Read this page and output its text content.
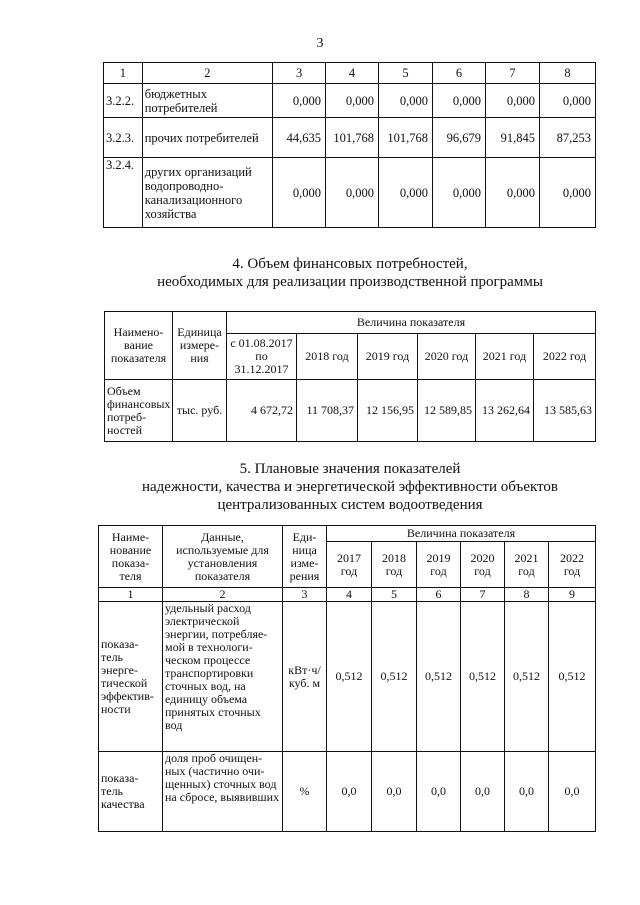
3
1	2	3	4	5	6	7	8
3.2.2.	бюджетных потребителей	0,000	0,000	0,000	0,000	0,000	0,000
3.2.3.	прочих потребителей	44,635	101,768	101,768	96,679	91,845	87,253
3.2.4.	других организаций водопроводно-канализационного хозяйства	0,000	0,000	0,000	0,000	0,000	0,000
4. Объем финансовых потребностей,
необходимых для реализации производственной программы
Наимено-вание показателя	Единица измере-ния	Величина показателя					
		с 01.08.2017 по 31.12.2017	2018 год	2019 год	2020 год	2021 год	2022 год
Объем финансовых потреб-ностей	тыс. руб.	4 672,72	11 708,37	12 156,95	12 589,85	13 262,64	13 585,63
5. Плановые значения показателей
надежности, качества и энергетической эффективности объектов
централизованных систем водоотведения
Наиме-нование показа-теля	Данные, используемые для установления показателя	Еди-ница изме-рения	Величина показателя					
			2017 год	2018 год	2019 год	2020 год	2021 год	2022 год
1	2	3	4	5	6	7	8	9
показа-тель энерге-тической эффектив-ности	удельный расход электрической энергии, потребляе-мой в технологи-ческом процессе транспортировки сточных вод, на единицу объема принятых сточных вод	кВт·ч/ куб. м	0,512	0,512	0,512	0,512	0,512	0,512
показа-тель качества	доля проб очищен-ных (частично очи-щенных) сточных вод на сбросе, выявивших	%	0,0	0,0	0,0	0,0	0,0	0,0
